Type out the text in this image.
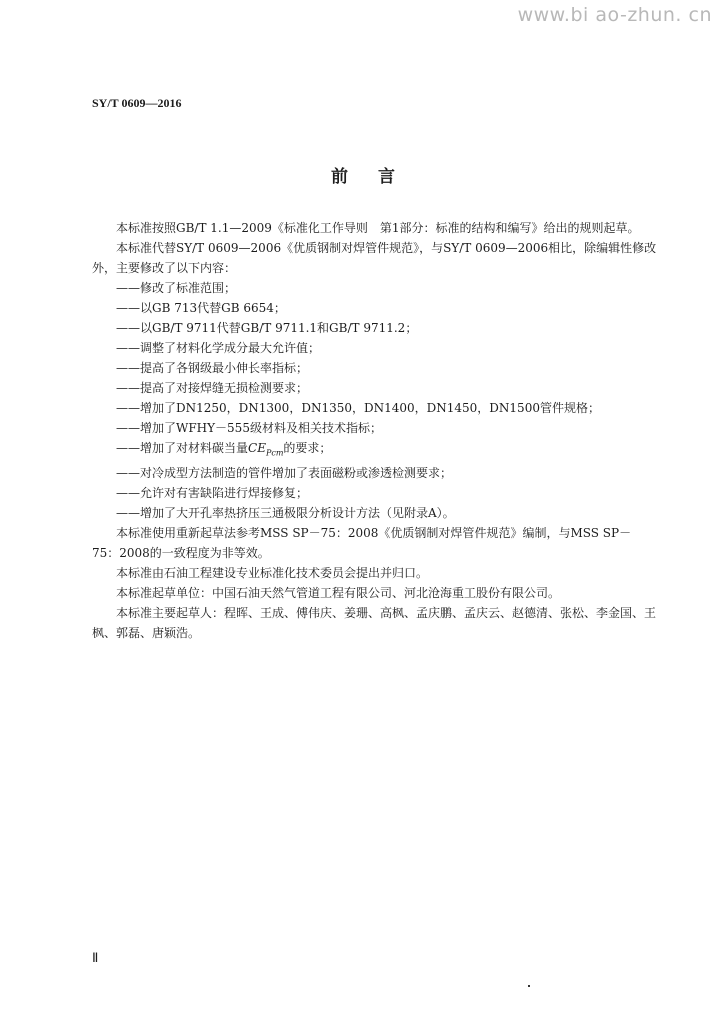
www.bi ao-zhun. cn
SY/T 0609—2016
前言

本标准按照GB/T 1.1—2009《标准化工作导则　第1部分：标准的结构和编写》给出的规则起草。

本标准代替SY/T 0609—2006《优质钢制对焊管件规范》，与SY/T 0609—2006相比，除编辑性修改外，主要修改了以下内容：

——修改了标准范围；
——以GB 713代替GB 6654；
——以GB/T 9711代替GB/T 9711.1和GB/T 9711.2；
——调整了材料化学成分最大允许值；
——提高了各钢级最小伸长率指标；
——提高了对接焊缝无损检测要求；
——增加了DN1250，DN1300，DN1350，DN1400，DN1450，DN1500管件规格；
——增加了WFHY－555级材料及相关技术指标；
——增加了对材料碳当量$CE_{Pcm}$的要求；
——对冷成型方法制造的管件增加了表面磁粉或渗透检测要求；
——允许对有害缺陷进行焊接修复；
——增加了大开孔率热挤压三通极限分析设计方法（见附录A）。

本标准使用重新起草法参考MSS SP－75：2008《优质钢制对焊管件规范》编制，与MSS SP－75：2008的一致程度为非等效。

本标准由石油工程建设专业标准化技术委员会提出并归口。

本标准起草单位：中国石油天然气管道工程有限公司、河北沧海重工股份有限公司。

本标准主要起草人：程晖、王成、傅伟庆、姜珊、高枫、孟庆鹏、孟庆云、赵德清、张松、李金国、王枫、郭磊、唐颖浩。

Ⅱ
